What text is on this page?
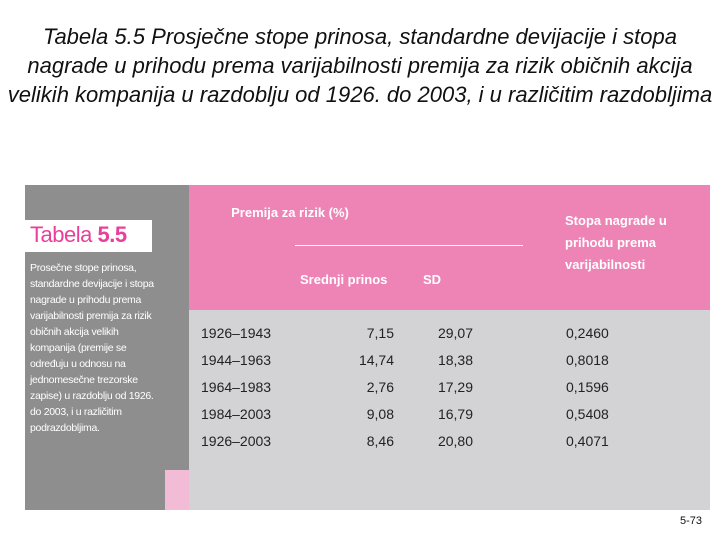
Tabela 5.5 Prosječne stope prinosa, standardne devijacije i stopa nagrade u prihodu prema varijabilnosti premija za rizik običnih akcija velikih kompanija u razdoblju od 1926. do 2003, i u različitim razdobljima
Tabela 5.5
Prosečne stope prinosa, standardne devijacije i stopa nagrade u prihodu prema varijabilnosti premija za rizik običnih akcija velikih kompanija (premije se određuju u odnosu na jednomesečne trezorske zapise) u razdoblju od 1926. do 2003, i u različitim podrazdobljima.
Premija za rizik (%)
Srednji prinos	SD
Stopa nagrade u prihodu prema varijabilnosti
1926–1943	7,15	29,07	0,2460
1944–1963	14,74	18,38	0,8018
1964–1983	2,76	17,29	0,1596
1984–2003	9,08	16,79	0,5408
1926–2003	8,46	20,80	0,4071
5-73
